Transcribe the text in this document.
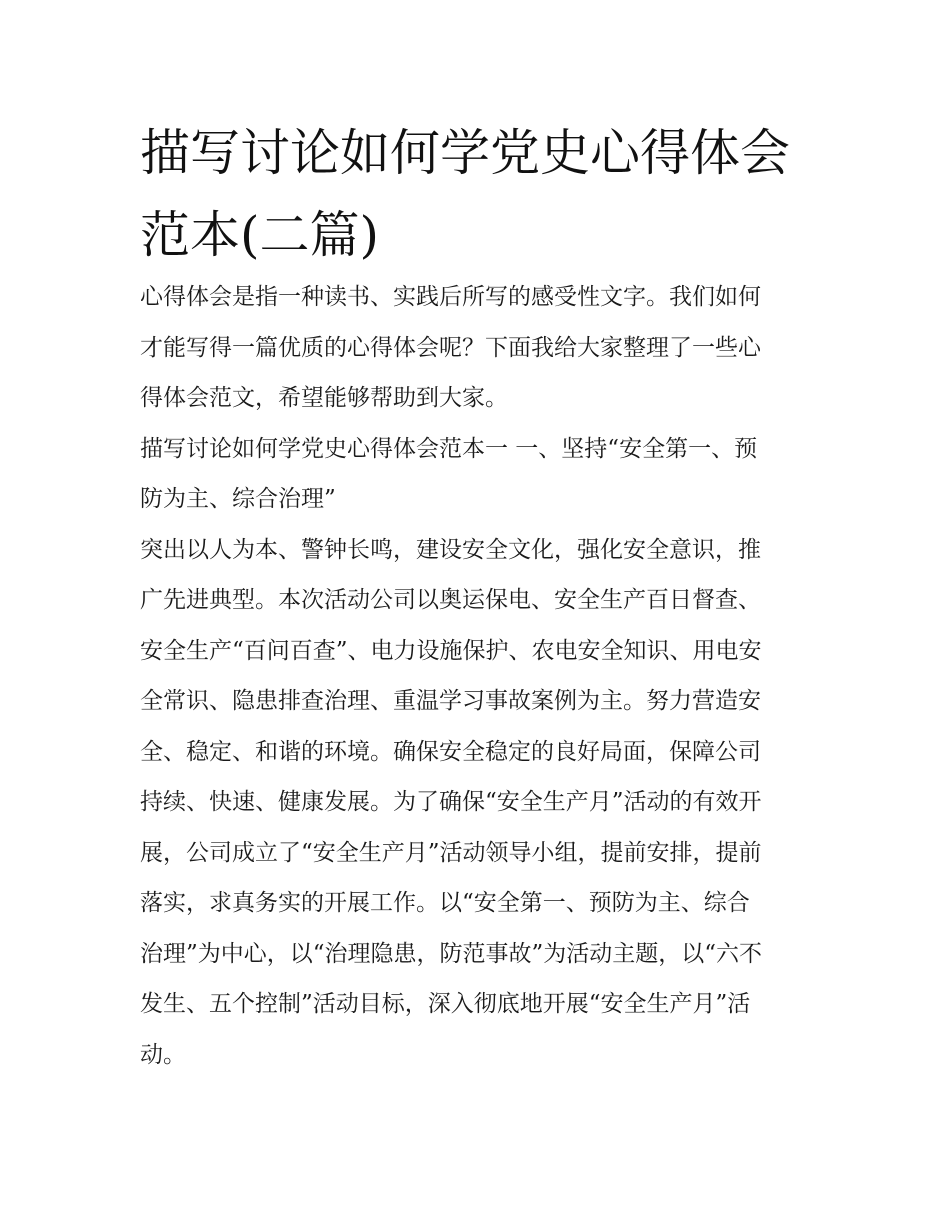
描写讨论如何学党史心得体会
范本(二篇)
心得体会是指一种读书、实践后所写的感受性文字。我们如何
才能写得一篇优质的心得体会呢？下面我给大家整理了一些心
得体会范文，希望能够帮助到大家。
描写讨论如何学党史心得体会范本一 一、坚持“安全第一、预
防为主、综合治理”
突出以人为本、警钟长鸣，建设安全文化，强化安全意识，推
广先进典型。本次活动公司以奥运保电、安全生产百日督查、
安全生产“百问百查”、电力设施保护、农电安全知识、用电安
全常识、隐患排查治理、重温学习事故案例为主。努力营造安
全、稳定、和谐的环境。确保安全稳定的良好局面，保障公司
持续、快速、健康发展。为了确保“安全生产月”活动的有效开
展，公司成立了“安全生产月”活动领导小组，提前安排，提前
落实，求真务实的开展工作。以“安全第一、预防为主、综合
治理”为中心，以“治理隐患，防范事故”为活动主题，以“六不
发生、五个控制”活动目标，深入彻底地开展“安全生产月”活
动。
